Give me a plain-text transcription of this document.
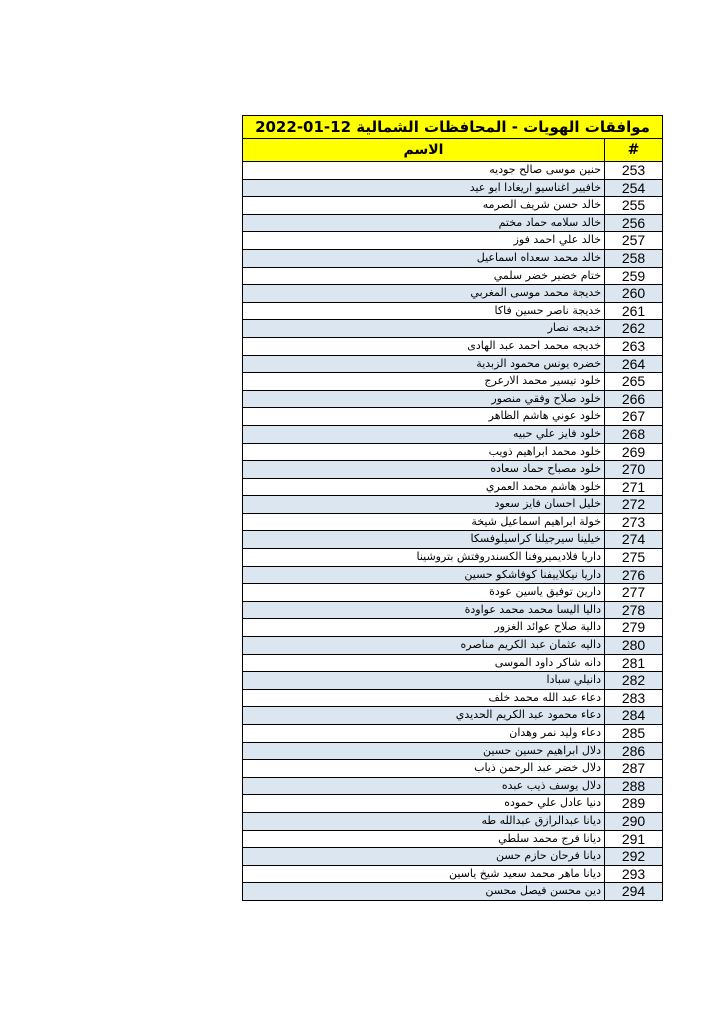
موافقات الهويات - المحافظات الشمالية 12-01-2022	
#	الاسم
253	حنين موسى صالح جوديه
254	خافيير اغناسيو اريغادا ابو عيد
255	خالد حسن شريف الصرمه
256	خالد سلامه حماد مختم
257	خالد علي احمد فوز
258	خالد محمد سعداه اسماعيل
259	ختام خضير خضر سلمي
260	خديجة محمد موسى المغربي
261	خديجة ناصر حسين فاكا
262	خديجه نصار
263	خديجه محمد احمد عبد الهادى
264	خضره يونس محمود الزبدية
265	خلود تيسير محمد الارعرج
266	خلود صلاح وفقي منصور
267	خلود عوني هاشم الظاهر
268	خلود فايز علي حبيه
269	خلود محمد ابراهيم ذويب
270	خلود مصباح حماد سعاده
271	خلود هاشم محمد العمري
272	خليل احسان فايز سعود
273	خولة ابراهيم اسماعيل شيخة
274	خيلينا سيرجيلنا كراسيلوفسكا
275	داريا فلاديميروفنا الكسندروفتش بتروشينا
276	داريا نيكلاييفنا كوفاشكو حسين
277	دارين توفيق ياسين عودة
278	داليا اليسا محمد محمد عواودة
279	دالية صلاح عوائد الغزور
280	داليه عثمان عبد الكريم مناصره
281	دانه شاكر داود الموسى
282	دانيلي سبادا
283	دعاء عبد الله محمد خلف
284	دعاء محمود عبد الكريم الحديدي
285	دعاء وليد نمر وهدان
286	دلال ابراهيم حسين حسين
287	دلال خضر عبد الرحمن ذياب
288	دلال يوسف ذيب عبده
289	دنيا عادل علي حموده
290	ديانا عبدالرازق عبدالله طه
291	ديانا فرج محمد سلطي
292	ديانا فرحان حازم حسن
293	ديانا ماهر محمد سعيد شيخ ياسين
294	دين محسن فيصل محسن
